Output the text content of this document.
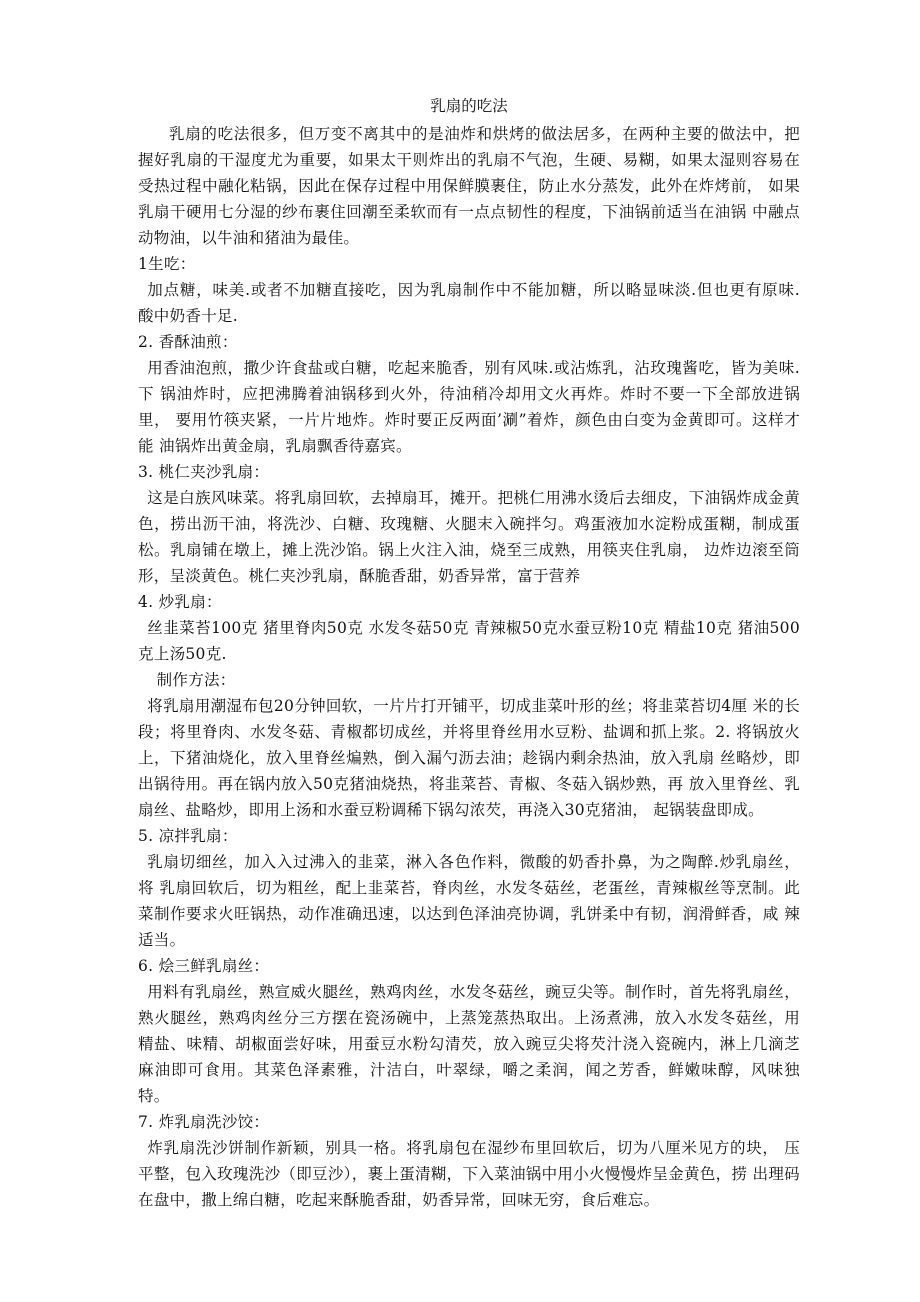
乳扇的吃法

乳扇的吃法很多，但万变不离其中的是油炸和烘烤的做法居多，在两种主要的做法中，把握好乳扇的干湿度尤为重要，如果太干则炸出的乳扇不气泡，生硬、易糊，如果太湿则容易在受热过程中融化粘锅，因此在保存过程中用保鲜膜裹住，防止水分蒸发，此外在炸烤前， 如果乳扇干硬用七分湿的纱布裹住回潮至柔软而有一点点韧性的程度，下油锅前适当在油锅 中融点动物油，以牛油和猪油为最佳。

1生吃：

加点糖，味美.或者不加糖直接吃，因为乳扇制作中不能加糖，所以略显味淡.但也更有原味. 酸中奶香十足.

2. 香酥油煎：

用香油泡煎，撒少许食盐或白糖，吃起来脆香，别有风味.或沾炼乳，沾玫瑰酱吃，皆为美味.下 锅油炸时，应把沸腾着油锅移到火外，待油稍冷却用文火再炸。炸时不要一下全部放进锅里， 要用竹筷夹紧，一片片地炸。炸时要正反两面’涮”着炸，颜色由白变为金黄即可。这样才能 油锅炸出黄金扇，乳扇飘香待嘉宾。

3. 桃仁夹沙乳扇：

这是白族风味菜。将乳扇回软，去掉扇耳，摊开。把桃仁用沸水烫后去细皮，下油锅炸成金黄色，捞出沥干油，将洗沙、白糖、玫瑰糖、火腿末入碗拌匀。鸡蛋液加水淀粉成蛋糊，制成蛋松。乳扇铺在墩上，摊上洗沙馅。锅上火注入油，烧至三成熟，用筷夹住乳扇， 边炸边滚至筒形，呈淡黄色。桃仁夹沙乳扇，酥脆香甜，奶香异常，富于营养

4. 炒乳扇：

丝韭菜苔100克 猪里脊肉50克 水发冬菇50克 青辣椒50克水蚕豆粉10克 精盐10克 猪油500克上汤50克.

制作方法：

将乳扇用潮湿布包20分钟回软，一片片打开铺平，切成韭菜叶形的丝；将韭菜苔切4厘 米的长段；将里脊肉、水发冬菇、青椒都切成丝，并将里脊丝用水豆粉、盐调和抓上浆。2. 将锅放火上，下猪油烧化，放入里脊丝煸熟，倒入漏勺沥去油；趁锅内剩余热油，放入乳扇 丝略炒，即出锅待用。再在锅内放入50克猪油烧热，将韭菜苔、青椒、冬菇入锅炒熟，再 放入里脊丝、乳扇丝、盐略炒，即用上汤和水蚕豆粉调稀下锅勾浓芡，再浇入30克猪油， 起锅装盘即成。

5. 凉拌乳扇：

乳扇切细丝，加入入过沸入的韭菜，淋入各色作料，微酸的奶香扑鼻，为之陶醉.炒乳扇丝，将 乳扇回软后，切为粗丝，配上韭菜苔，脊肉丝，水发冬菇丝，老蛋丝，青辣椒丝等烹制。此 菜制作要求火旺锅热，动作准确迅速，以达到色泽油亮协调，乳饼柔中有韧，润滑鲜香，咸 辣适当。

6. 烩三鲜乳扇丝：

用料有乳扇丝，熟宣威火腿丝，熟鸡肉丝，水发冬菇丝，豌豆尖等。制作时，首先将乳扇丝，熟火腿丝，熟鸡肉丝分三方摆在瓷汤碗中，上蒸笼蒸热取出。上汤煮沸，放入水发冬菇丝，用精盐、味精、胡椒面尝好味，用蚕豆水粉勾清芡，放入豌豆尖将芡汁浇入瓷碗内，淋上几滴芝麻油即可食用。其菜色泽素雅，汁洁白，叶翠绿，嚼之柔润，闻之芳香，鲜嫩味醇，风味独特。

7. 炸乳扇洗沙饺：

炸乳扇洗沙饼制作新颖，别具一格。将乳扇包在湿纱布里回软后，切为八厘米见方的块， 压平整，包入玫瑰洗沙（即豆沙），裹上蛋清糊，下入菜油锅中用小火慢慢炸呈金黄色，捞 出理码在盘中，撒上绵白糖，吃起来酥脆香甜，奶香异常，回味无穷，食后难忘。
